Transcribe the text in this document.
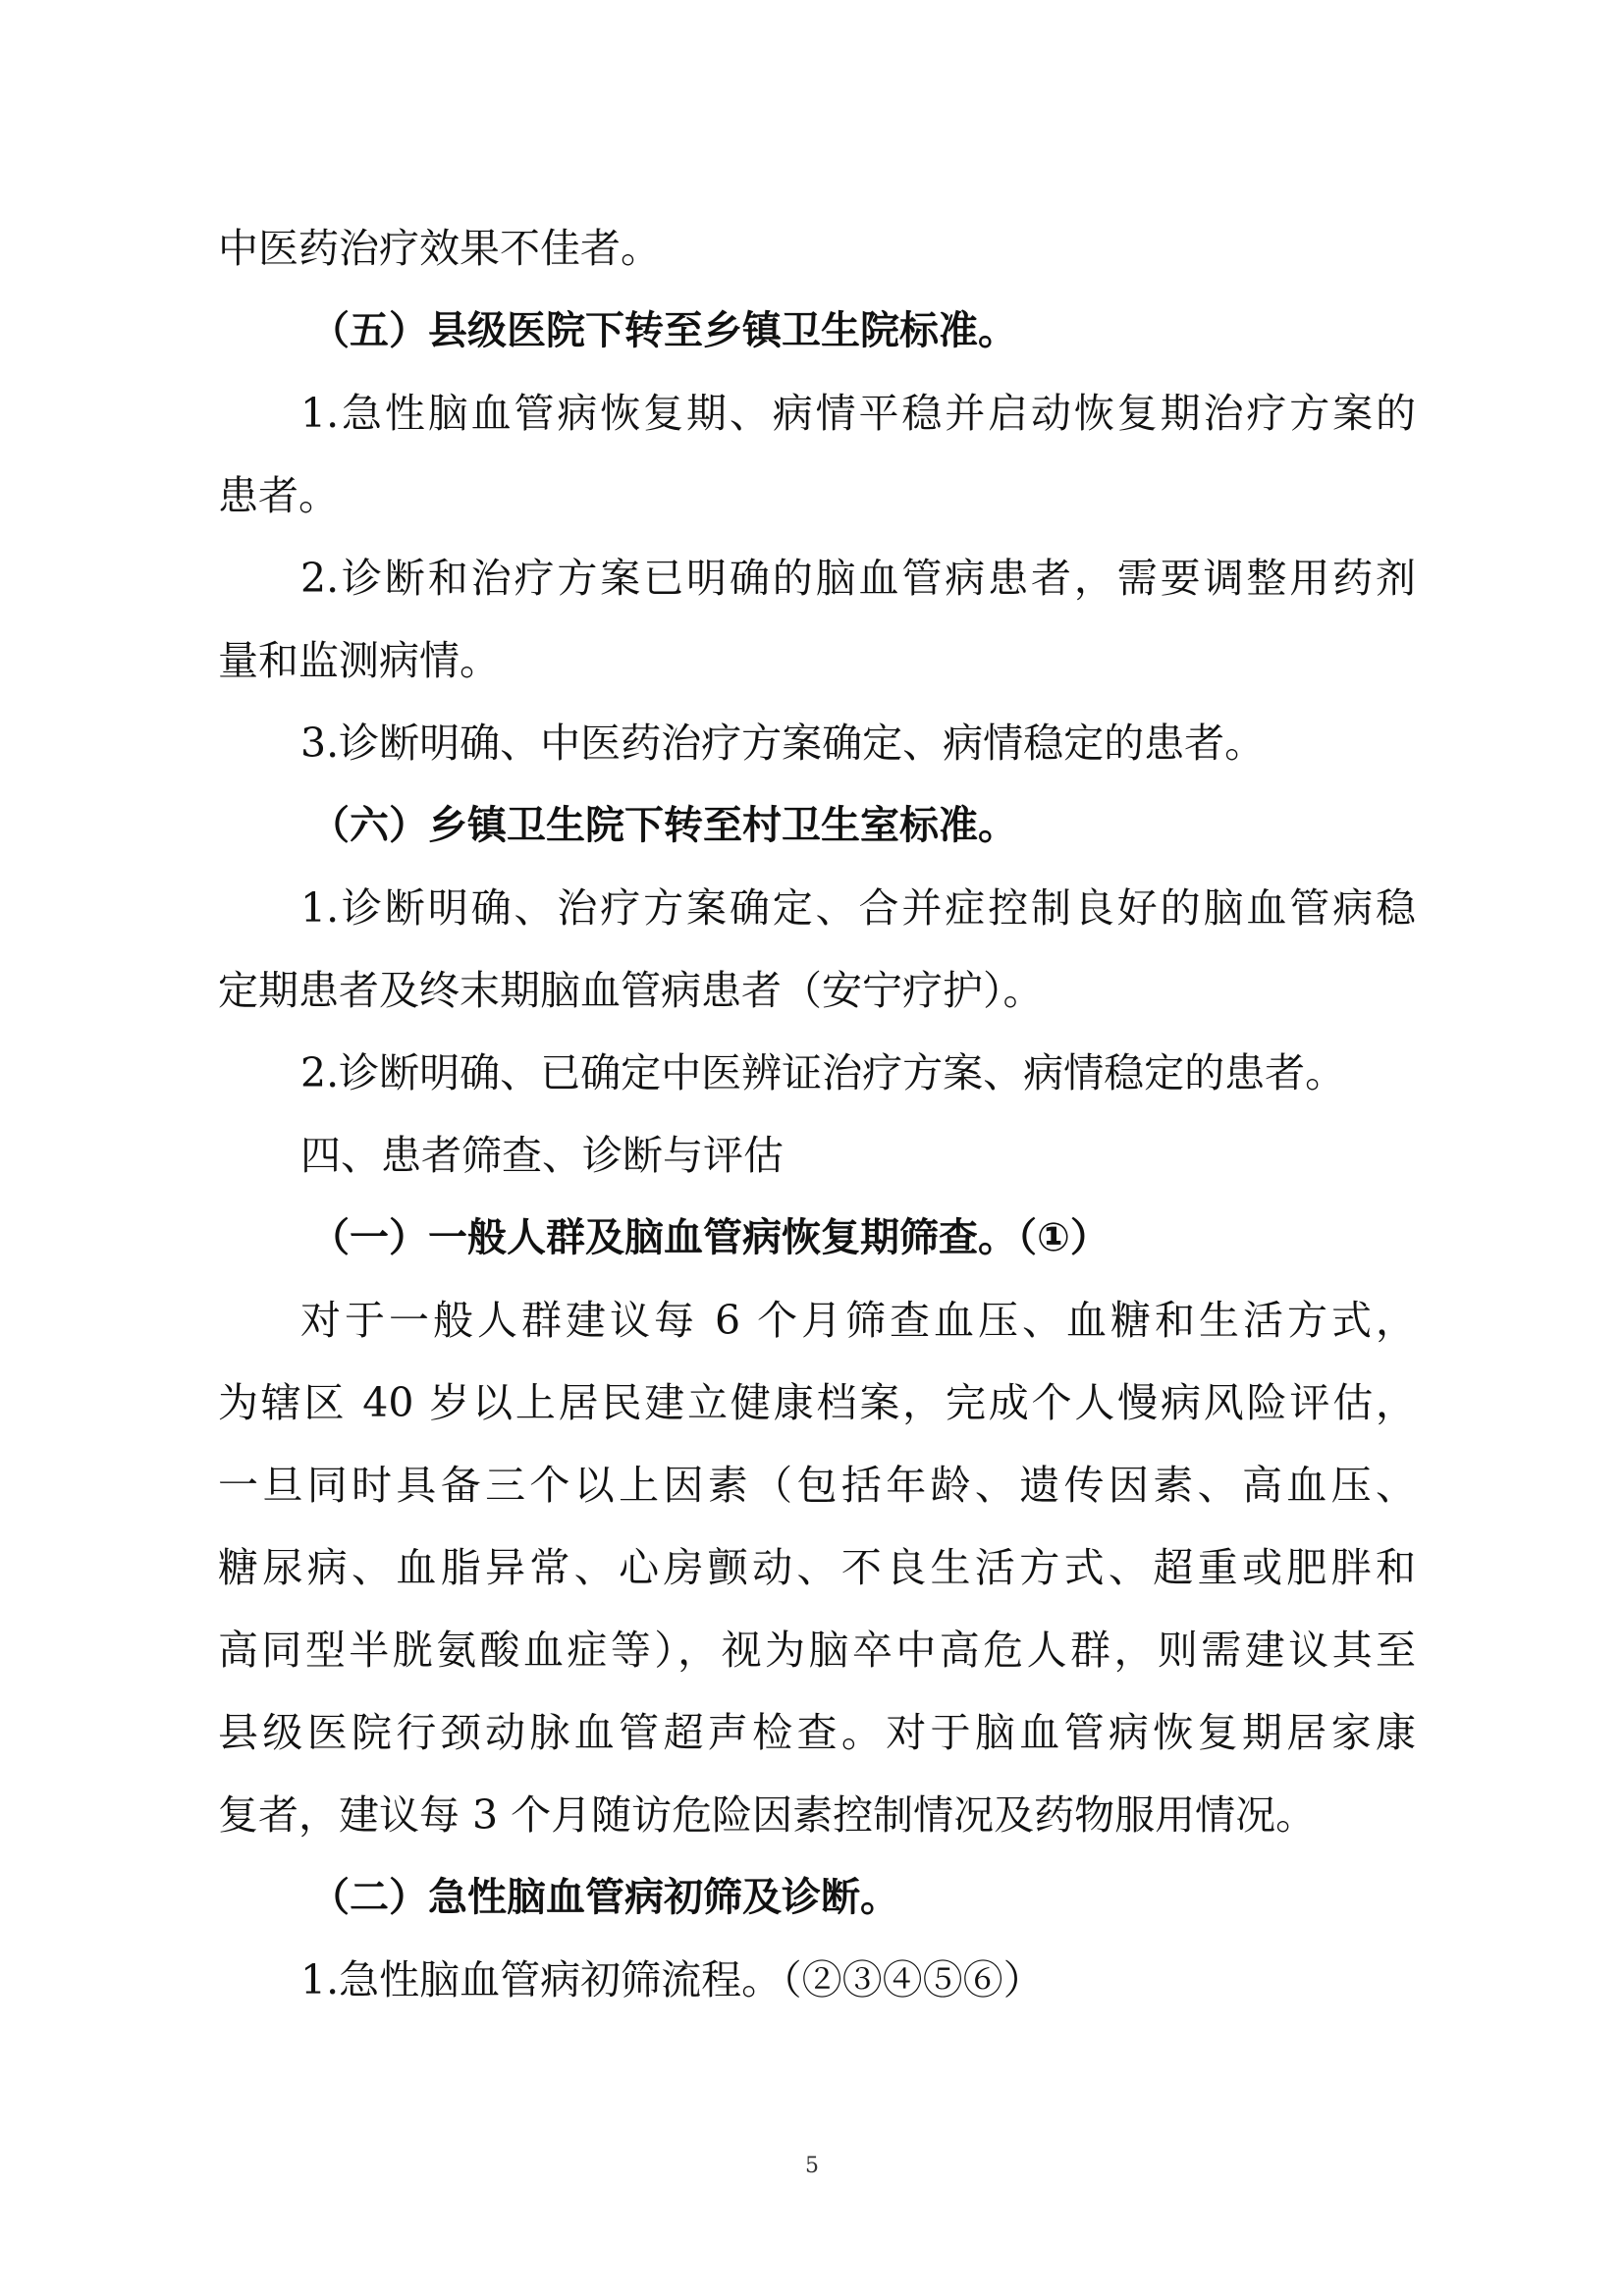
中医药治疗效果不佳者。
（五）县级医院下转至乡镇卫生院标准。
1.急性脑血管病恢复期、病情平稳并启动恢复期治疗方案的
患者。
2.诊断和治疗方案已明确的脑血管病患者，需要调整用药剂
量和监测病情。
3.诊断明确、中医药治疗方案确定、病情稳定的患者。
（六）乡镇卫生院下转至村卫生室标准。
1.诊断明确、治疗方案确定、合并症控制良好的脑血管病稳
定期患者及终末期脑血管病患者（安宁疗护）。
2.诊断明确、已确定中医辨证治疗方案、病情稳定的患者。
四、患者筛查、诊断与评估
（一）一般人群及脑血管病恢复期筛查。（①）
对于一般人群建议每 6 个月筛查血压、血糖和生活方式，
为辖区 40 岁以上居民建立健康档案，完成个人慢病风险评估，
一旦同时具备三个以上因素（包括年龄、遗传因素、高血压、
糖尿病、血脂异常、心房颤动、不良生活方式、超重或肥胖和
高同型半胱氨酸血症等），视为脑卒中高危人群，则需建议其至
县级医院行颈动脉血管超声检查。对于脑血管病恢复期居家康
复者，建议每 3 个月随访危险因素控制情况及药物服用情况。
（二）急性脑血管病初筛及诊断。
1.急性脑血管病初筛流程。（②③④⑤⑥）
5
